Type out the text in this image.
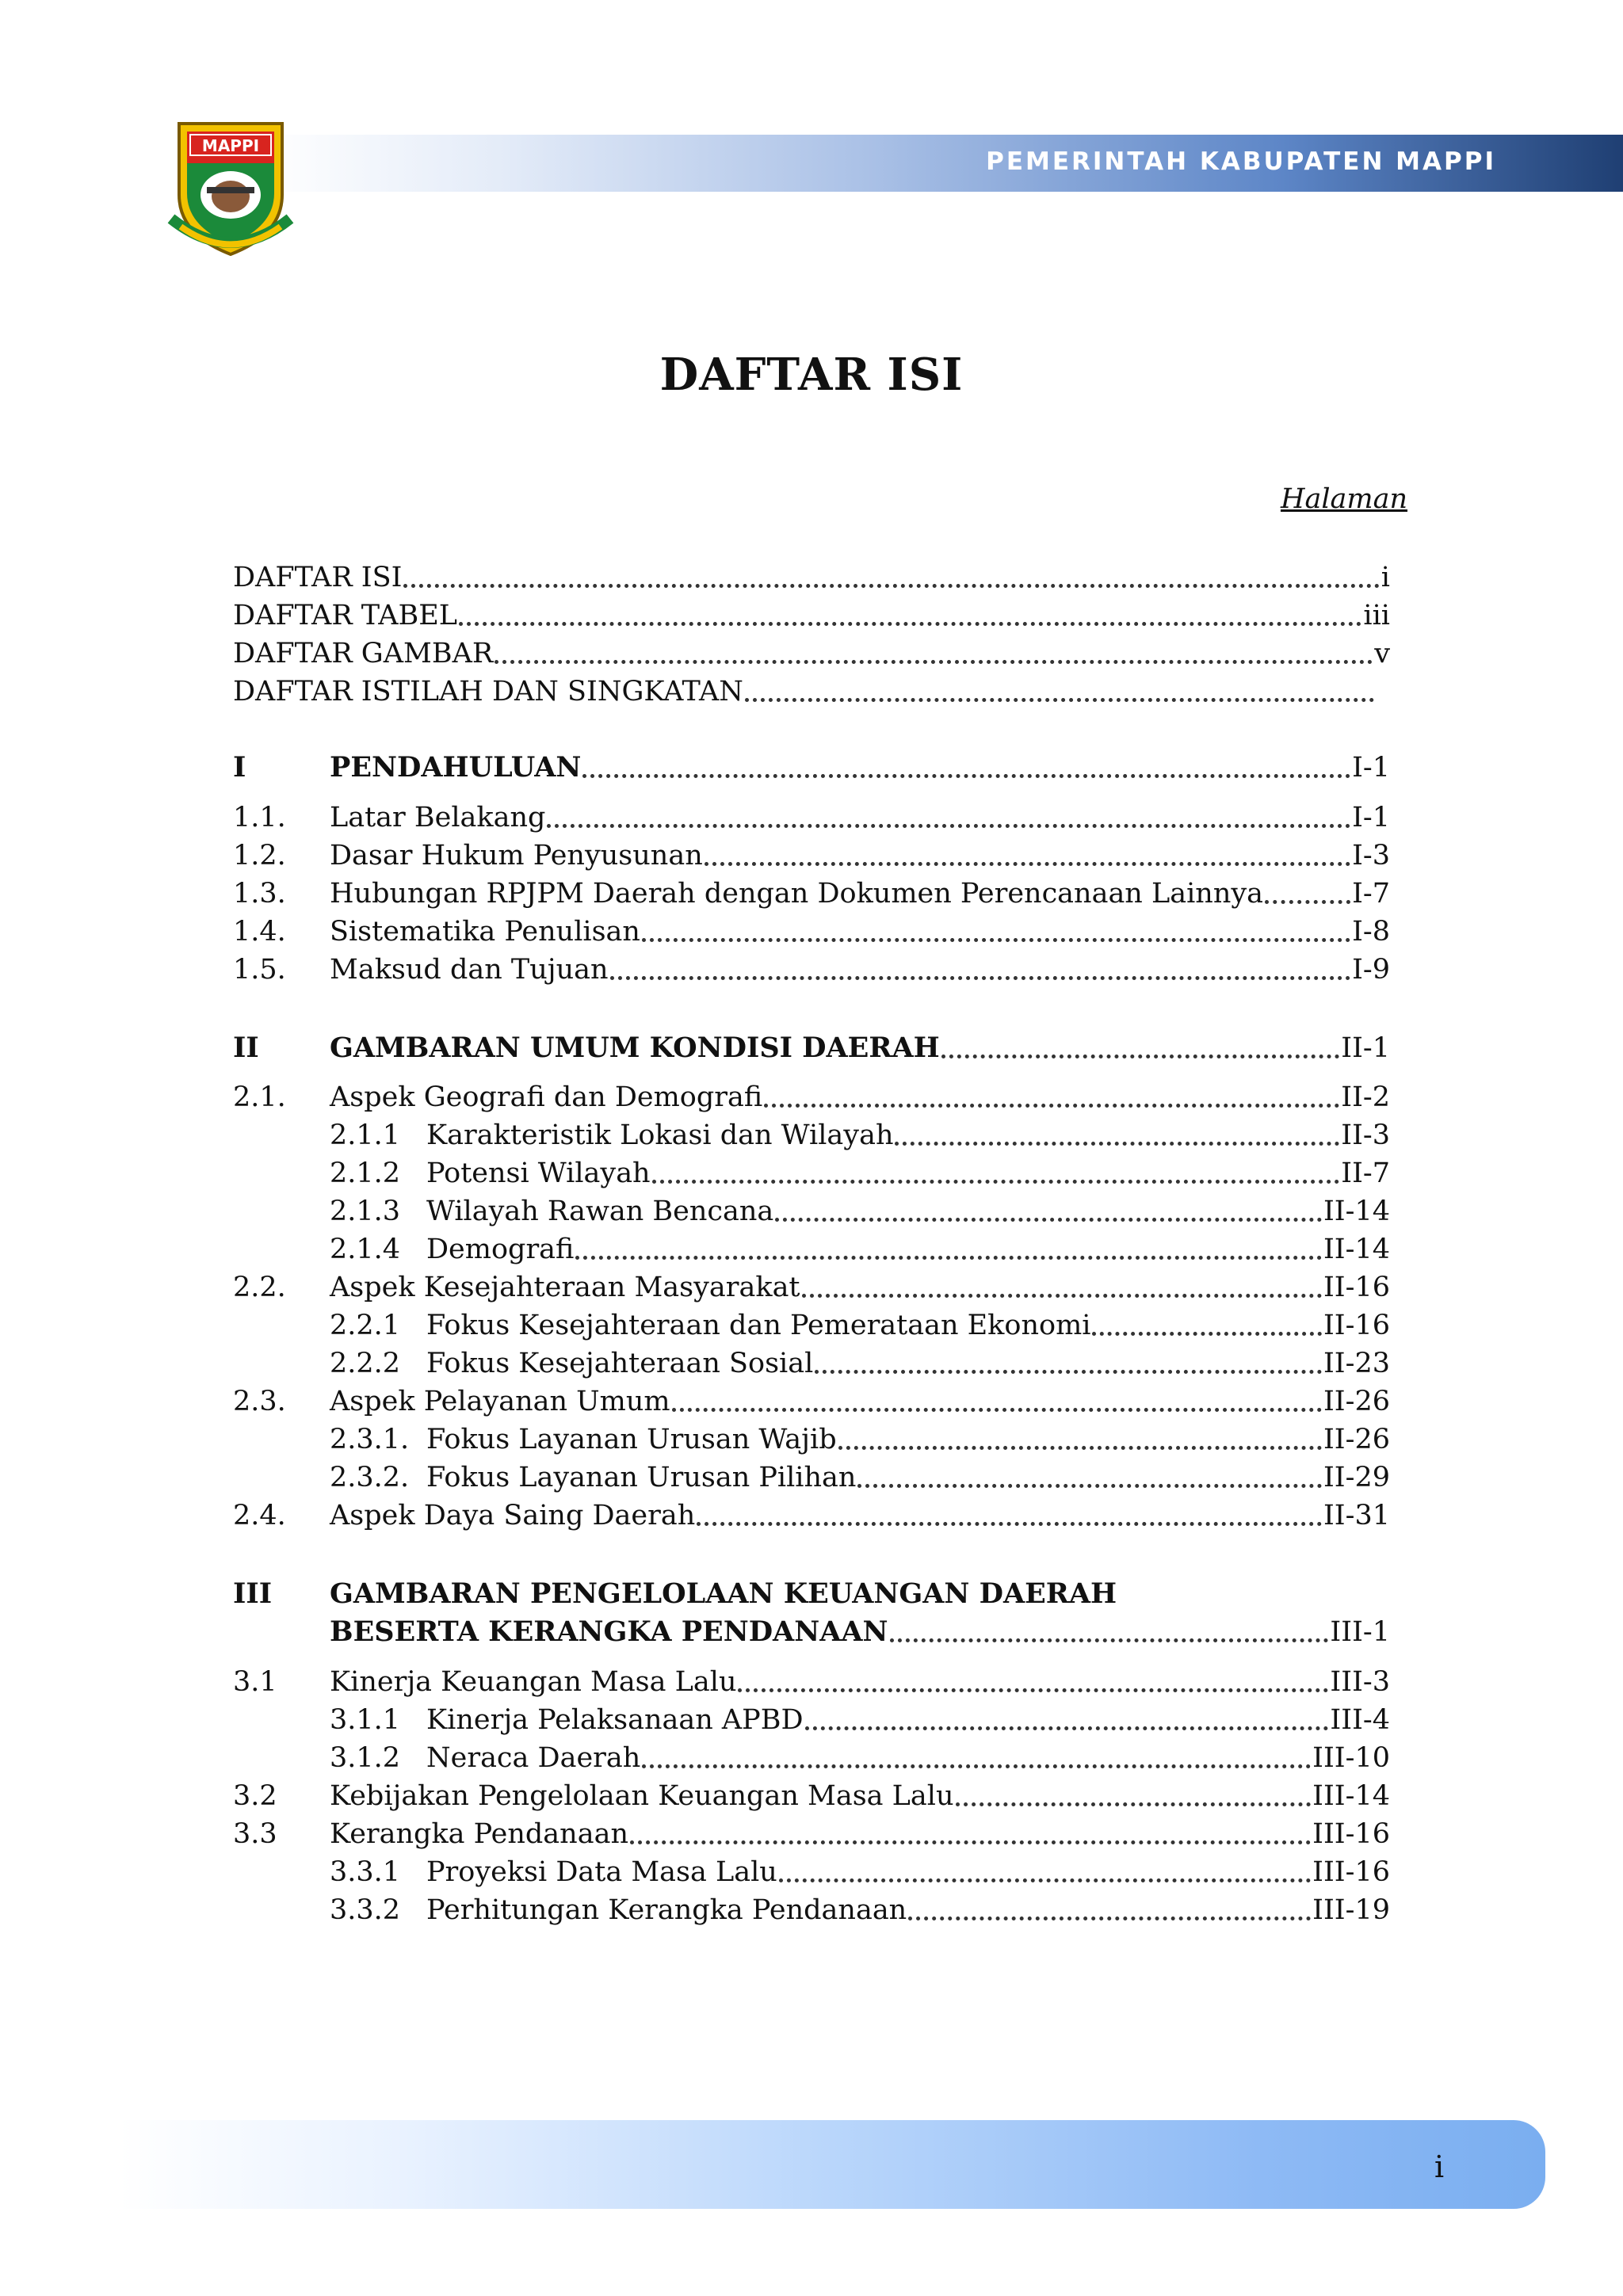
PEMERINTAH KABUPATEN MAPPI
MAPPI
DAFTAR ISI
Halaman
DAFTAR ISI	i
DAFTAR TABEL	iii
DAFTAR GAMBAR	v
DAFTAR ISTILAH DAN SINGKATAN
I	PENDAHULUAN	I-1
1.1.	Latar Belakang	I-1
1.2.	Dasar Hukum Penyusunan	I-3
1.3.	Hubungan RPJPM Daerah dengan Dokumen Perencanaan Lainnya	I-7
1.4.	Sistematika Penulisan	I-8
1.5.	Maksud dan Tujuan	I-9
II	GAMBARAN UMUM KONDISI DAERAH	II-1
2.1.	Aspek Geografi dan Demografi	II-2
2.1.1 Karakteristik Lokasi dan Wilayah	II-3
2.1.2 Potensi Wilayah	II-7
2.1.3 Wilayah Rawan Bencana	II-14
2.1.4 Demografi	II-14
2.2.	Aspek Kesejahteraan Masyarakat	II-16
2.2.1 Fokus Kesejahteraan dan Pemerataan Ekonomi	II-16
2.2.2 Fokus Kesejahteraan Sosial	II-23
2.3.	Aspek Pelayanan Umum	II-26
2.3.1. Fokus Layanan Urusan Wajib	II-26
2.3.2. Fokus Layanan Urusan Pilihan	II-29
2.4.	Aspek Daya Saing Daerah	II-31
III	GAMBARAN PENGELOLAAN KEUANGAN DAERAH
BESERTA KERANGKA PENDANAAN	III-1
3.1	Kinerja Keuangan Masa Lalu	III-3
3.1.1 Kinerja Pelaksanaan APBD	III-4
3.1.2 Neraca Daerah	III-10
3.2	Kebijakan Pengelolaan Keuangan Masa Lalu	III-14
3.3	Kerangka Pendanaan	III-16
3.3.1 Proyeksi Data Masa Lalu	III-16
3.3.2 Perhitungan Kerangka Pendanaan	III-19
i
